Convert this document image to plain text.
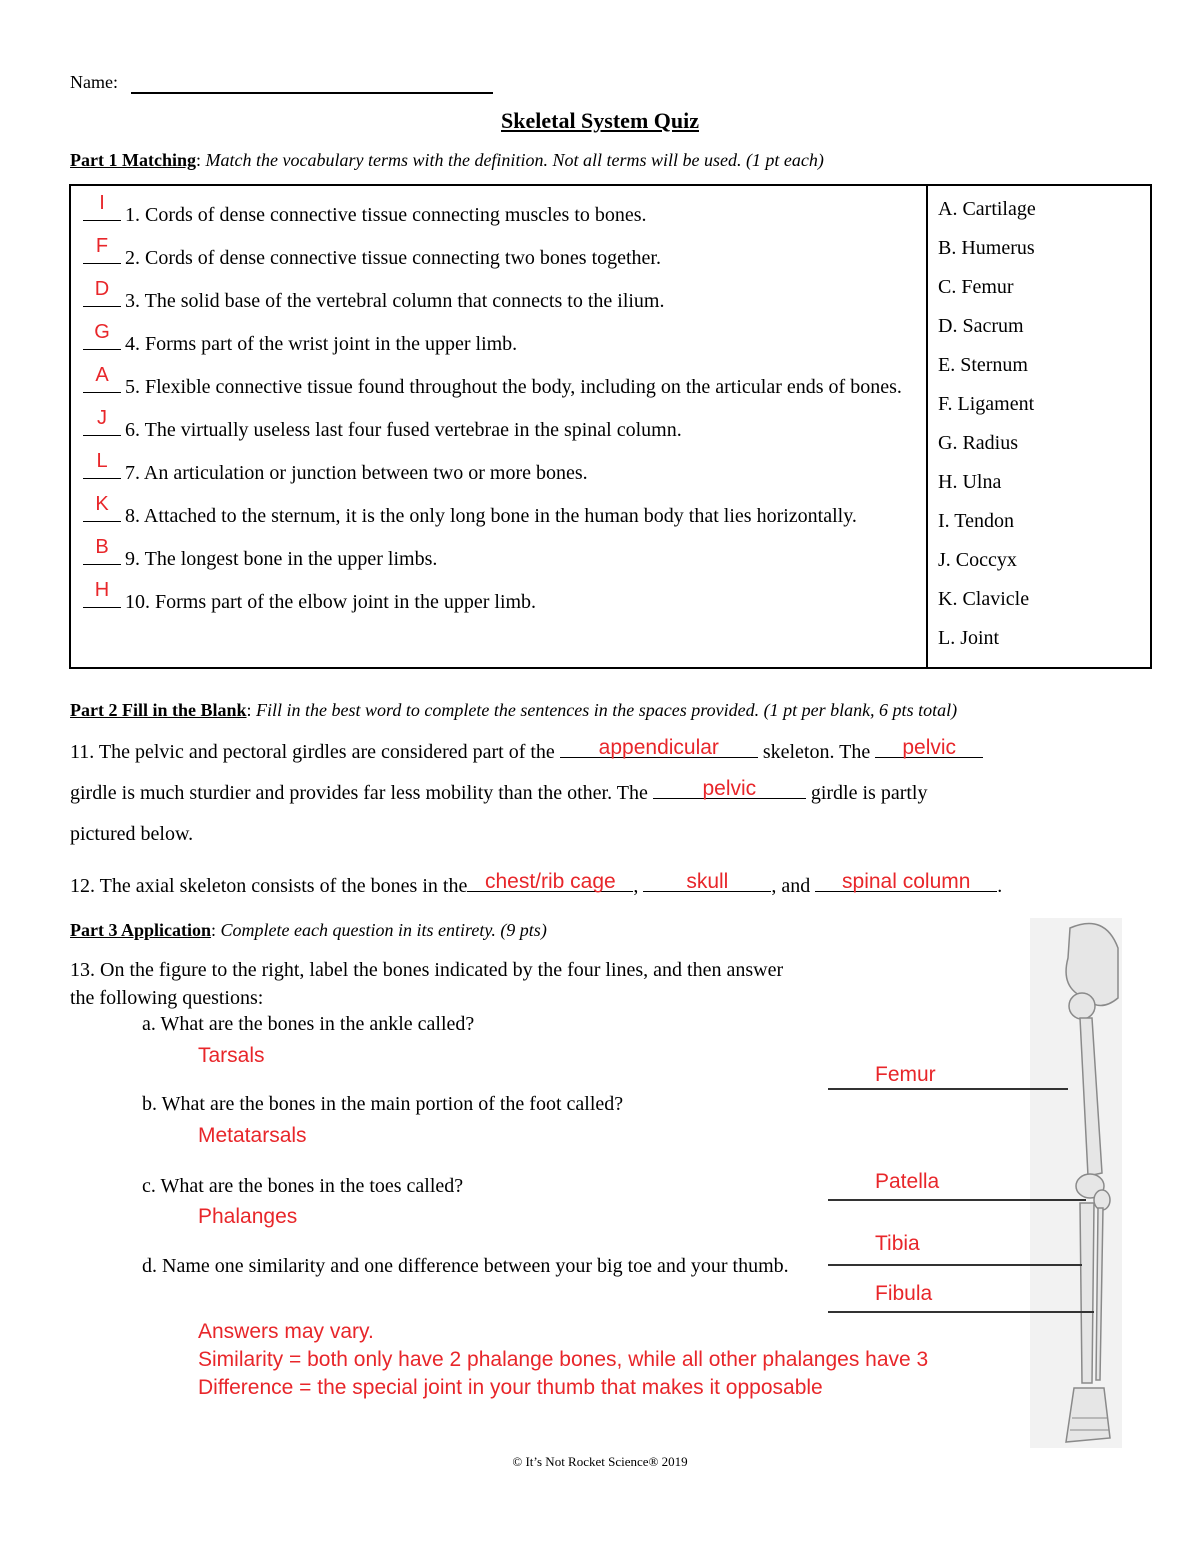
Name:
Skeletal System Quiz
Part 1 Matching: Match the vocabulary terms with the definition. Not all terms will be used. (1 pt each)
I
1. Cords of dense connective tissue connecting muscles to bones.
F
2. Cords of dense connective tissue connecting two bones together.
D
3. The solid base of the vertebral column that connects to the ilium.
G
4. Forms part of the wrist joint in the upper limb.
A
5. Flexible connective tissue found throughout the body, including on the articular ends of bones.
J
6. The virtually useless last four fused vertebrae in the spinal column.
L
7. An articulation or junction between two or more bones.
K
8. Attached to the sternum, it is the only long bone in the human body that lies horizontally.
B
9. The longest bone in the upper limbs.
H
10. Forms part of the elbow joint in the upper limb.

A. Cartilage
B. Humerus
C. Femur
D. Sacrum
E. Sternum
F. Ligament
G. Radius
H. Ulna
I. Tendon
J. Coccyx
K. Clavicle
L. Joint
Part 2 Fill in the Blank: Fill in the best word to complete the sentences in the spaces provided. (1 pt per blank, 6 pts total)
11. The pelvic and pectoral girdles are considered part of the	appendicular	skeleton. The	pelvic

girdle is much sturdier and provides far less mobility than the other. The	pelvic	girdle is partly
pictured below.
12. The axial skeleton consists of the bones in the chest/rib cage ,	skull	, and	spinal column	.
Part 3 Application: Complete each question in its entirety. (9 pts)
13. On the figure to the right, label the bones indicated by the four lines, and then answer the following questions:
a. What are the bones in the ankle called?
Tarsals
b. What are the bones in the main portion of the foot called?
Metatarsals
c. What are the bones in the toes called?
Phalanges
d. Name one similarity and one difference between your big toe and your thumb.
Answers may vary.
Similarity = both only have 2 phalange bones, while all other phalanges have 3
Difference = the special joint in your thumb that makes it opposable
Femur
Patella
Tibia
Fibula
© It’s Not Rocket Science® 2019
